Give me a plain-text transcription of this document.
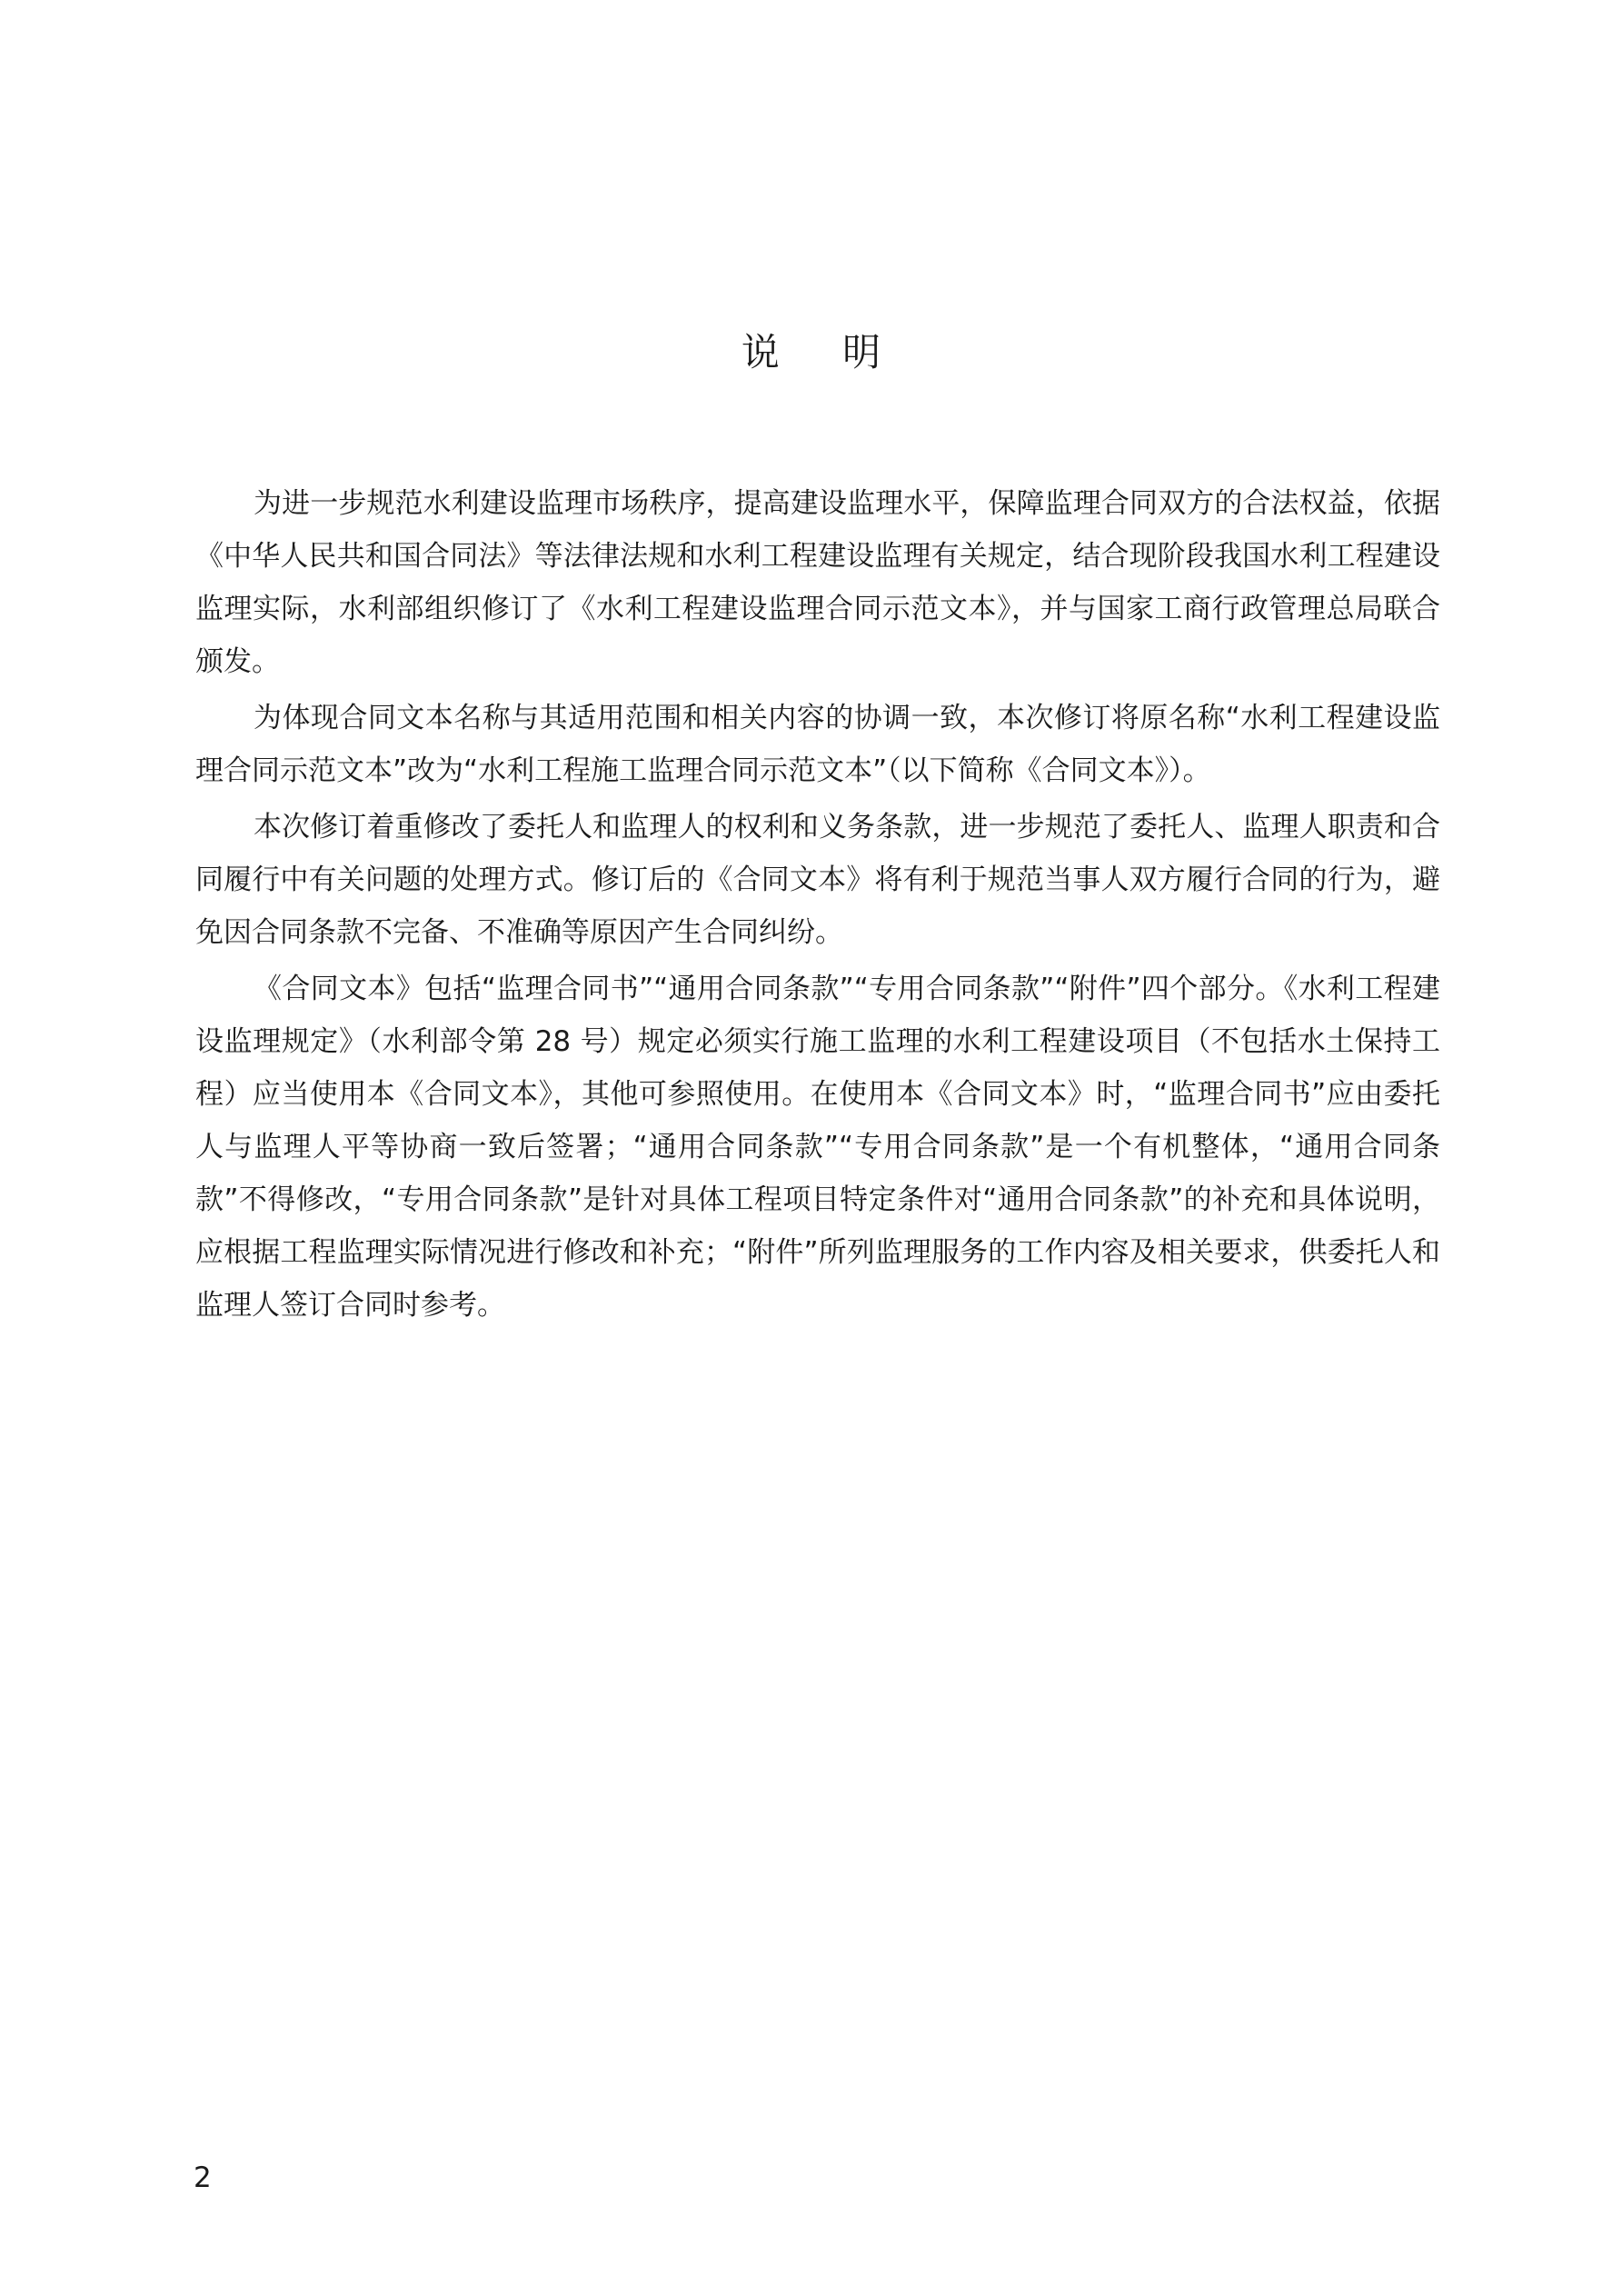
说 明

为进一步规范水利建设监理市场秩序，提高建设监理水平，保障监理合同双方的合法权益，依据《中华人民共和国合同法》等法律法规和水利工程建设监理有关规定，结合现阶段我国水利工程建设监理实际，水利部组织修订了《水利工程建设监理合同示范文本》，并与国家工商行政管理总局联合颁发。

为体现合同文本名称与其适用范围和相关内容的协调一致，本次修订将原名称“水利工程建设监理合同示范文本”改为“水利工程施工监理合同示范文本”（以下简称《合同文本》）。

本次修订着重修改了委托人和监理人的权利和义务条款，进一步规范了委托人、监理人职责和合同履行中有关问题的处理方式。修订后的《合同文本》将有利于规范当事人双方履行合同的行为，避免因合同条款不完备、不准确等原因产生合同纠纷。

《合同文本》包括“监理合同书”“通用合同条款”“专用合同条款”“附件”四个部分。《水利工程建设监理规定》（水利部令第 28 号）规定必须实行施工监理的水利工程建设项目（不包括水土保持工程）应当使用本《合同文本》，其他可参照使用。在使用本《合同文本》时，“监理合同书”应由委托人与监理人平等协商一致后签署；“通用合同条款”“专用合同条款”是一个有机整体，“通用合同条款”不得修改，“专用合同条款”是针对具体工程项目特定条件对“通用合同条款”的补充和具体说明，应根据工程监理实际情况进行修改和补充；“附件”所列监理服务的工作内容及相关要求，供委托人和监理人签订合同时参考。

2
